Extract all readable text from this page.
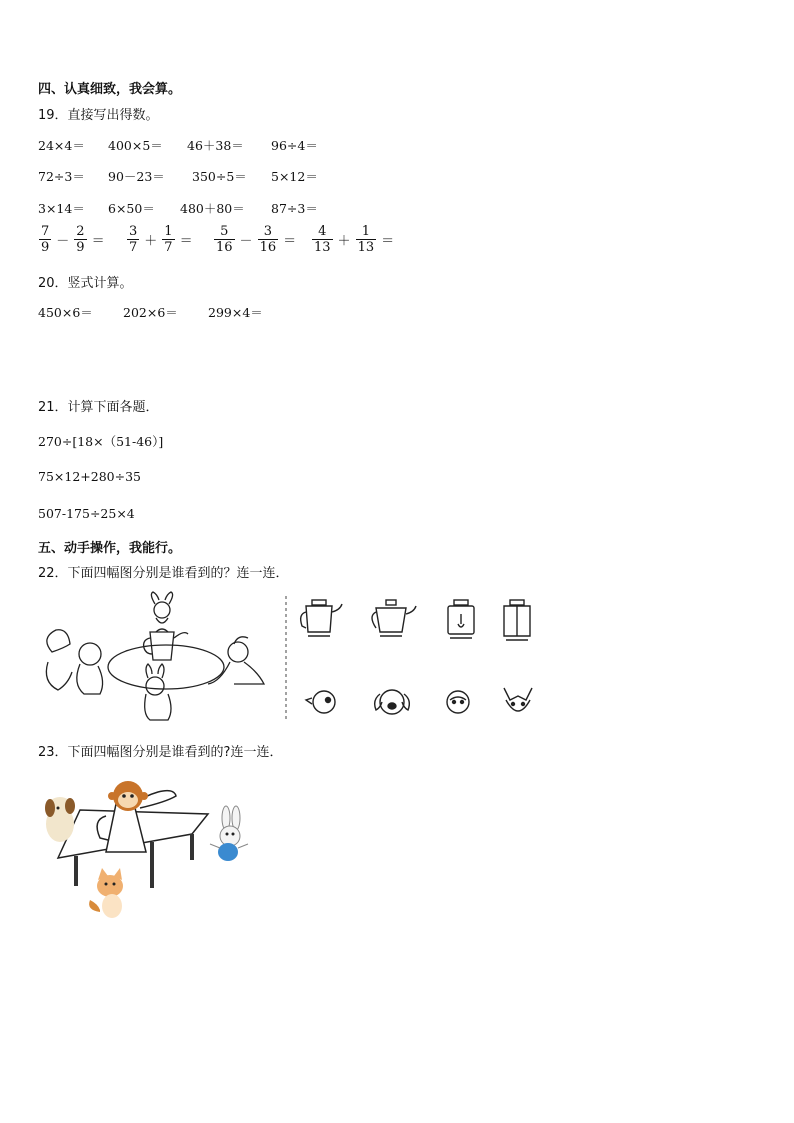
四、认真细致，我会算。
19．直接写出得数。
24×4＝ 400×5＝ 46＋38＝ 96÷4＝
72÷3＝ 90－23＝ 350÷5＝ 5×12＝
3×14＝ 6×50＝ 480＋80＝ 87÷3＝
$\frac{7}{9} - \frac{2}{9} = \frac{3}{7} + \frac{1}{7} = \frac{5}{16} - \frac{3}{16} = \frac{4}{13} + \frac{1}{13}$ ＝
20．竖式计算。
450×6＝ 202×6＝ 299×4＝
21．计算下面各题．
270÷[18×（51-46）]
75×12+280÷35
507-175÷25×4
五、动手操作，我能行。
22．下面四幅图分别是谁看到的？连一连．
23．下面四幅图分别是谁看到的?连一连．
